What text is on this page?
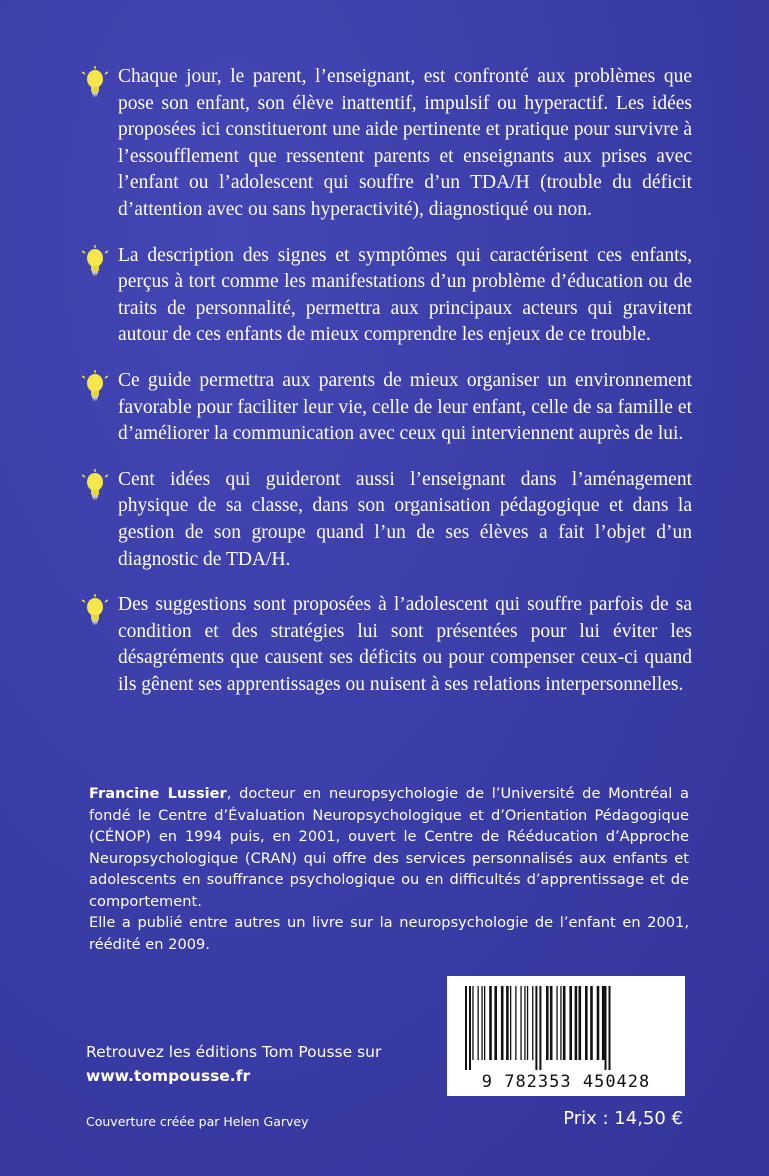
Chaque jour, le parent, l’enseignant, est confronté aux problèmes que pose son enfant, son élève inattentif, impulsif ou hyperactif. Les idées proposées ici constitueront une aide pertinente et pratique pour survivre à l’essoufflement que ressentent parents et enseignants aux prises avec l’enfant ou l’adolescent qui souffre d’un TDA/H (trouble du déficit d’attention avec ou sans hyperactivité), diagnostiqué ou non.

La description des signes et symptômes qui caractérisent ces enfants, perçus à tort comme les manifestations d’un problème d’éducation ou de traits de personnalité, permettra aux principaux acteurs qui gravitent autour de ces enfants de mieux comprendre les enjeux de ce trouble.

Ce guide permettra aux parents de mieux organiser un environnement favorable pour faciliter leur vie, celle de leur enfant, celle de sa famille et d’améliorer la communication avec ceux qui interviennent auprès de lui.

Cent idées qui guideront aussi l’enseignant dans l’aménagement physique de sa classe, dans son organisation pédagogique et dans la gestion de son groupe quand l’un de ses élèves a fait l’objet d’un diagnostic de TDA/H.

Des suggestions sont proposées à l’adolescent qui souffre parfois de sa condition et des stratégies lui sont présentées pour lui éviter les désagréments que causent ses déficits ou pour compenser ceux-ci quand ils gênent ses apprentissages ou nuisent à ses relations interpersonnelles.

Francine Lussier, docteur en neuropsychologie de l’Université de Montréal a fondé le Centre d’Évaluation Neuropsychologique et d’Orientation Pédagogique (CÉNOP) en 1994 puis, en 2001, ouvert le Centre de Rééducation d’Approche Neuropsychologique (CRAN) qui offre des services personnalisés aux enfants et adolescents en souffrance psychologique ou en difficultés d’apprentissage et de comportement.

Elle a publié entre autres un livre sur la neuropsychologie de l’enfant en 2001, réédité en 2009.

9 782353 450428
Retrouvez les éditions Tom Pousse sur
www.tompousse.fr
Couverture créée par Helen Garvey	Prix : 14,50 €
